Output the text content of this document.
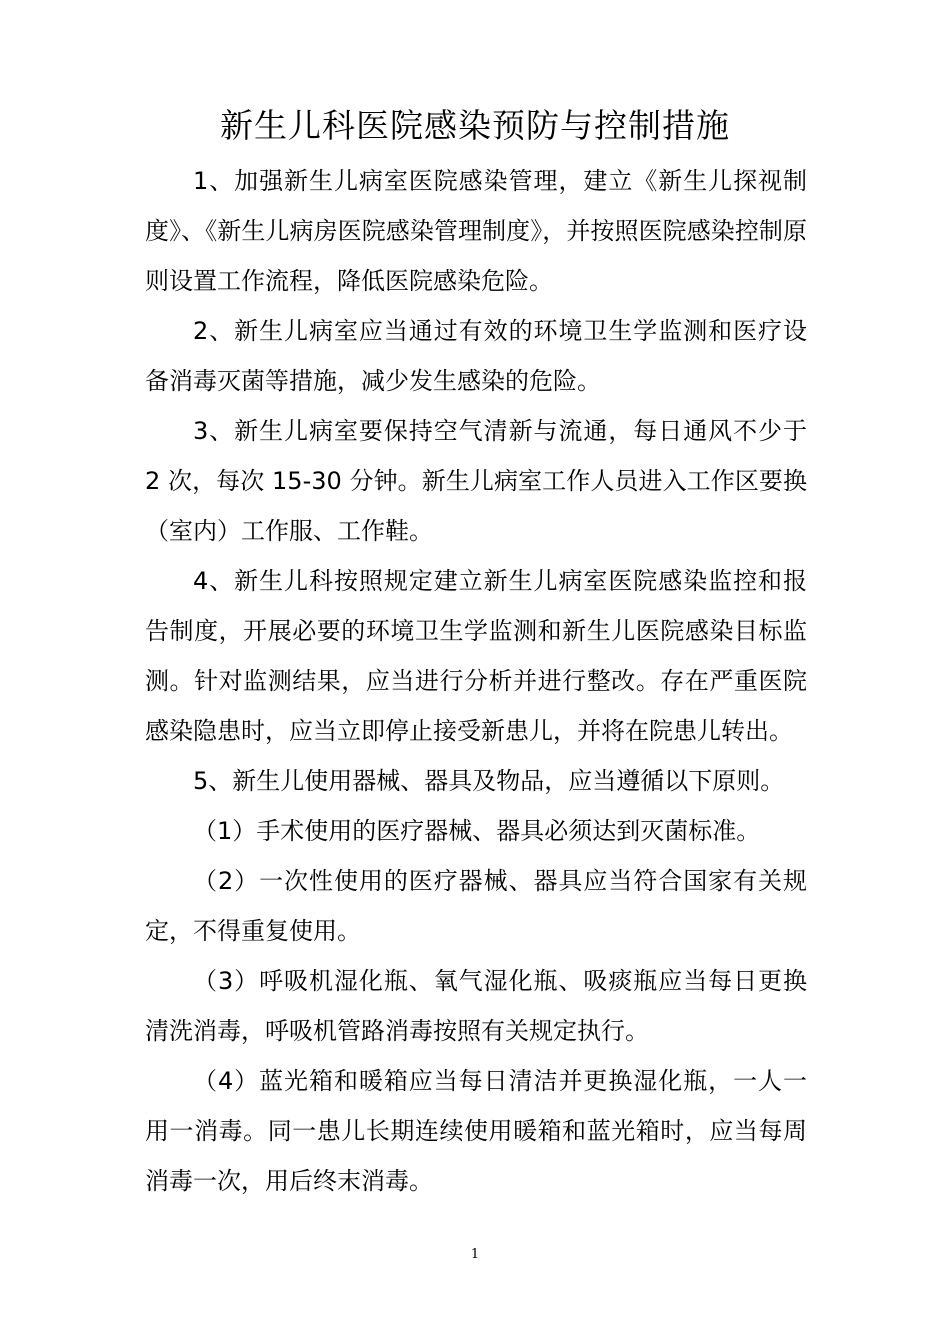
新生儿科医院感染预防与控制措施

1、加强新生儿病室医院感染管理，建立《新生儿探视制度》、《新生儿病房医院感染管理制度》，并按照医院感染控制原则设置工作流程，降低医院感染危险。

2、新生儿病室应当通过有效的环境卫生学监测和医疗设备消毒灭菌等措施，减少发生感染的危险。

3、新生儿病室要保持空气清新与流通，每日通风不少于 2 次，每次 15-30 分钟。新生儿病室工作人员进入工作区要换（室内）工作服、工作鞋。

4、新生儿科按照规定建立新生儿病室医院感染监控和报告制度，开展必要的环境卫生学监测和新生儿医院感染目标监测。针对监测结果，应当进行分析并进行整改。存在严重医院感染隐患时，应当立即停止接受新患儿，并将在院患儿转出。

5、新生儿使用器械、器具及物品，应当遵循以下原则。

（1）手术使用的医疗器械、器具必须达到灭菌标准。

（2）一次性使用的医疗器械、器具应当符合国家有关规定，不得重复使用。

（3）呼吸机湿化瓶、氧气湿化瓶、吸痰瓶应当每日更换清洗消毒，呼吸机管路消毒按照有关规定执行。

（4）蓝光箱和暖箱应当每日清洁并更换湿化瓶，一人一用一消毒。同一患儿长期连续使用暖箱和蓝光箱时，应当每周消毒一次，用后终末消毒。

1
